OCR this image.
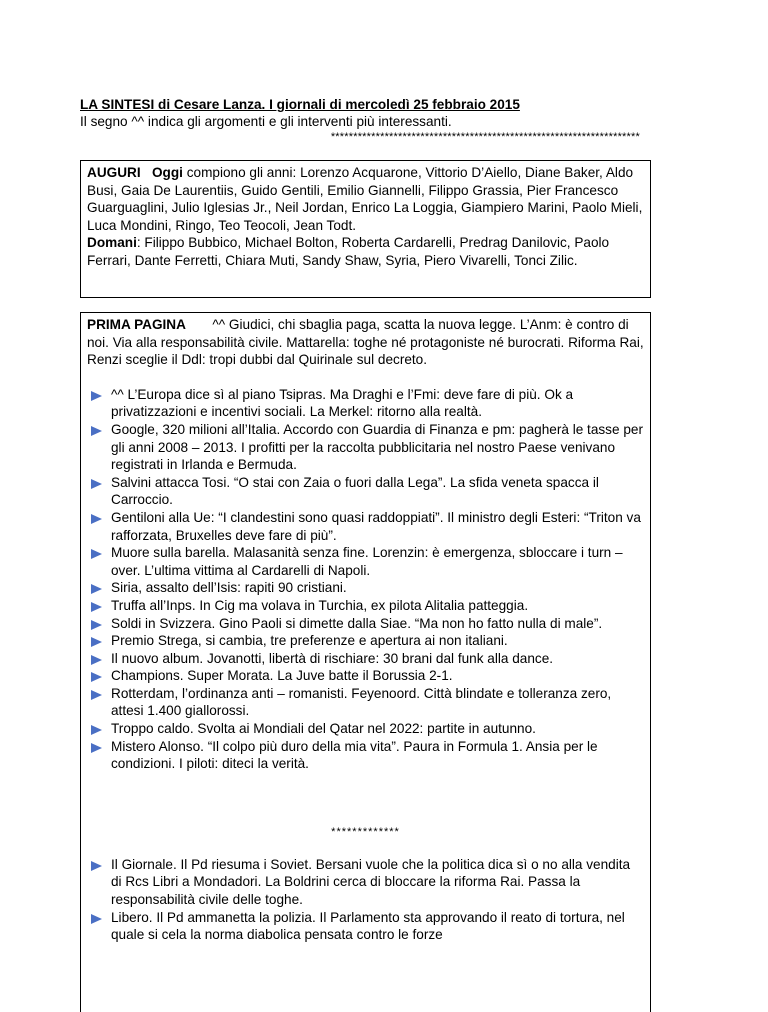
LA SINTESI di Cesare Lanza. I giornali di mercoledì 25 febbraio 2015
Il segno ^^ indica gli argomenti e gli interventi più interessanti.
*********************************************************************

AUGURI Oggi compiono gli anni: Lorenzo Acquarone, Vittorio D’Aiello, Diane Baker, Aldo Busi, Gaia De Laurentiis, Guido Gentili, Emilio Giannelli, Filippo Grassia, Pier Francesco Guarguaglini, Julio Iglesias Jr., Neil Jordan, Enrico La Loggia, Giampiero Marini, Paolo Mieli, Luca Mondini, Ringo, Teo Teocoli, Jean Todt.

Domani: Filippo Bubbico, Michael Bolton, Roberta Cardarelli, Predrag Danilovic, Paolo Ferrari, Dante Ferretti, Chiara Muti, Sandy Shaw, Syria, Piero Vivarelli, Tonci Zilic.

PRIMA PAGINA ^^ Giudici, chi sbaglia paga, scatta la nuova legge. L’Anm: è contro di noi. Via alla responsabilità civile. Mattarella: toghe né protagoniste né burocrati. Riforma Rai, Renzi sceglie il Ddl: tropi dubbi dal Quirinale sul decreto.

^^ L’Europa dice sì al piano Tsipras. Ma Draghi e l’Fmi: deve fare di più. Ok a privatizzazioni e incentivi sociali. La Merkel: ritorno alla realtà.
Google, 320 milioni all’Italia. Accordo con Guardia di Finanza e pm: pagherà le tasse per gli anni 2008 – 2013. I profitti per la raccolta pubblicitaria nel nostro Paese venivano registrati in Irlanda e Bermuda.
Salvini attacca Tosi. “O stai con Zaia o fuori dalla Lega”. La sfida veneta spacca il Carroccio.
Gentiloni alla Ue: “I clandestini sono quasi raddoppiati”. Il ministro degli Esteri: “Triton va rafforzata, Bruxelles deve fare di più”.
Muore sulla barella. Malasanità senza fine. Lorenzin: è emergenza, sbloccare i turn – over. L’ultima vittima al Cardarelli di Napoli.
Siria, assalto dell’Isis: rapiti 90 cristiani.
Truffa all’Inps. In Cig ma volava in Turchia, ex pilota Alitalia patteggia.
Soldi in Svizzera. Gino Paoli si dimette dalla Siae. “Ma non ho fatto nulla di male”.
Premio Strega, si cambia, tre preferenze e apertura ai non italiani.
Il nuovo album. Jovanotti, libertà di rischiare: 30 brani dal funk alla dance.
Champions. Super Morata. La Juve batte il Borussia 2-1.
Rotterdam, l’ordinanza anti – romanisti. Feyenoord. Città blindate e tolleranza zero, attesi 1.400 giallorossi.
Troppo caldo. Svolta ai Mondiali del Qatar nel 2022: partite in autunno.
Mistero Alonso. “Il colpo più duro della mia vita”. Paura in Formula 1. Ansia per le condizioni. I piloti: diteci la verità.
*************
Il Giornale. Il Pd riesuma i Soviet. Bersani vuole che la politica dica sì o no alla vendita di Rcs Libri a Mondadori. La Boldrini cerca di bloccare la riforma Rai. Passa la responsabilità civile delle toghe.
Libero. Il Pd ammanetta la polizia. Il Parlamento sta approvando il reato di tortura, nel quale si cela la norma diabolica pensata contro le forze
